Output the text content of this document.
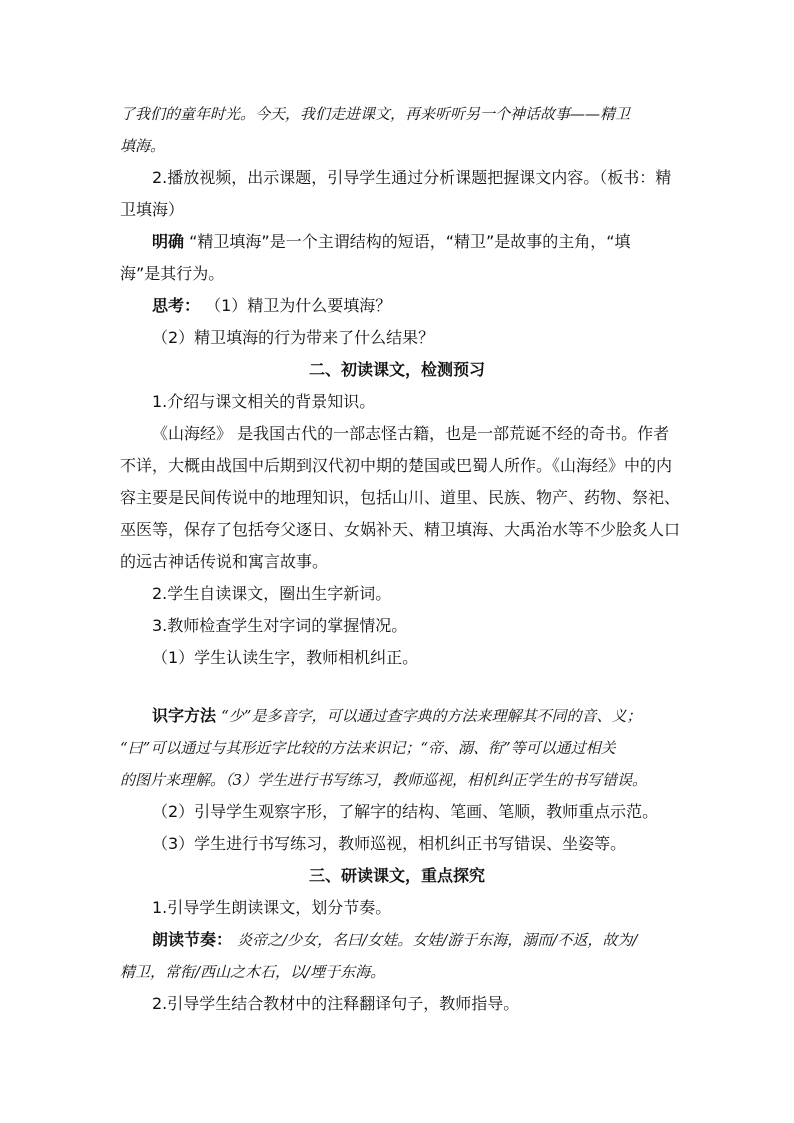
了我们的童年时光。今天，我们走进课文，再来听听另一个神话故事——精卫
填海。
2.播放视频，出示课题，引导学生通过分析课题把握课文内容。（板书：精
卫填海）
明确 “精卫填海”是一个主谓结构的短语，“精卫”是故事的主角，“填
海”是其行为。
思考： （1）精卫为什么要填海？
（2）精卫填海的行为带来了什么结果？
二、初读课文，检测预习
1.介绍与课文相关的背景知识。
《山海经》 是我国古代的一部志怪古籍，也是一部荒诞不经的奇书。作者
不详，大概由战国中后期到汉代初中期的楚国或巴蜀人所作。《山海经》中的内
容主要是民间传说中的地理知识，包括山川、道里、民族、物产、药物、祭祀、
巫医等，保存了包括夸父逐日、女娲补天、精卫填海、大禹治水等不少脍炙人口
的远古神话传说和寓言故事。
2.学生自读课文，圈出生字新词。
3.教师检查学生对字词的掌握情况。
（1）学生认读生字，教师相机纠正。
识字方法 “少”是多音字，可以通过查字典的方法来理解其不同的音、义；
“曰”可以通过与其形近字比较的方法来识记；“帝、溺、衔”等可以通过相关
的图片来理解。（3）学生进行书写练习，教师巡视，相机纠正学生的书写错误。
（2）引导学生观察字形，了解字的结构、笔画、笔顺，教师重点示范。
（3）学生进行书写练习，教师巡视，相机纠正书写错误、坐姿等。
三、研读课文，重点探究
1.引导学生朗读课文，划分节奏。
朗读节奏： 炎帝之/少女，名曰/女娃。女娃/游于东海，溺而/不返，故为/
精卫，常衔/西山之木石，以/堙于东海。
2.引导学生结合教材中的注释翻译句子，教师指导。
